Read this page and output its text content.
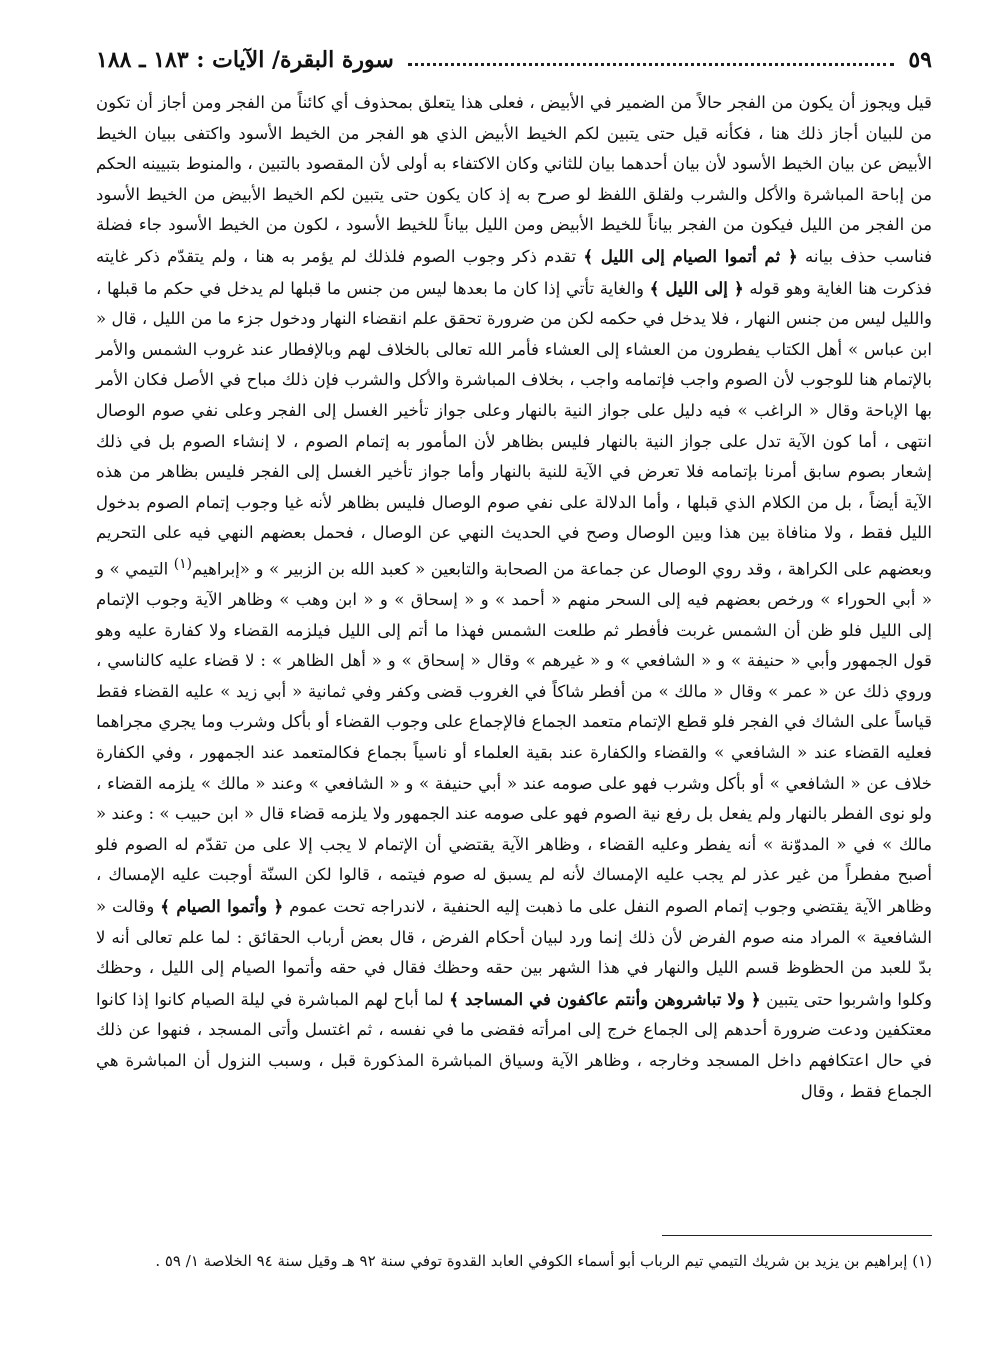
سورة البقرة/ الآيات : ١٨٣ ـ ١٨٨	٥٩

قيل ويجوز أن يكون من الفجر حالاً من الضمير في الأبيض ، فعلى هذا يتعلق بمحذوف أي كائناً من الفجر ومن أجاز أن تكون من للبيان أجاز ذلك هنا ، فكأنه قيل حتى يتبين لكم الخيط الأبيض الذي هو الفجر من الخيط الأسود واكتفى ببيان الخيط الأبيض عن بيان الخيط الأسود لأن بيان أحدهما بيان للثاني وكان الاكتفاء به أولى لأن المقصود بالتبين ، والمنوط بتبيينه الحكم من إباحة المباشرة والأكل والشرب ولقلق اللفظ لو صرح به إذ كان يكون حتى يتبين لكم الخيط الأبيض من الخيط الأسود من الفجر من الليل فيكون من الفجر بياناً للخيط الأبيض ومن الليل بياناً للخيط الأسود ، لكون من الخيط الأسود جاء فضلة فناسب حذف بيانه ﴿ ثم أتموا الصيام إلى الليل ﴾ تقدم ذكر وجوب الصوم فلذلك لم يؤمر به هنا ، ولم يتقدّم ذكر غايته فذكرت هنا الغاية وهو قوله ﴿ إلى الليل ﴾ والغاية تأتي إذا كان ما بعدها ليس من جنس ما قبلها لم يدخل في حكم ما قبلها ، والليل ليس من جنس النهار ، فلا يدخل في حكمه لكن من ضرورة تحقق علم انقضاء النهار ودخول جزء ما من الليل ، قال « ابن عباس » أهل الكتاب يفطرون من العشاء إلى العشاء فأمر الله تعالى بالخلاف لهم وبالإفطار عند غروب الشمس والأمر بالإتمام هنا للوجوب لأن الصوم واجب فإتمامه واجب ، بخلاف المباشرة والأكل والشرب فإن ذلك مباح في الأصل فكان الأمر بها الإباحة وقال « الراغب » فيه دليل على جواز النية بالنهار وعلى جواز تأخير الغسل إلى الفجر وعلى نفي صوم الوصال انتهى ، أما كون الآية تدل على جواز النية بالنهار فليس بظاهر لأن المأمور به إتمام الصوم ، لا إنشاء الصوم بل في ذلك إشعار بصوم سابق أمرنا بإتمامه فلا تعرض في الآية للنية بالنهار وأما جواز تأخير الغسل إلى الفجر فليس بظاهر من هذه الآية أيضاً ، بل من الكلام الذي قبلها ، وأما الدلالة على نفي صوم الوصال فليس بظاهر لأنه غيا وجوب إتمام الصوم بدخول الليل فقط ، ولا منافاة بين هذا وبين الوصال وصح في الحديث النهي عن الوصال ، فحمل بعضهم النهي فيه على التحريم وبعضهم على الكراهة ، وقد روي الوصال عن جماعة من الصحابة والتابعين « كعبد الله بن الزبير » و «إبراهيم$^{(١)}$ التيمي » و « أبي الحوراء » ورخص بعضهم فيه إلى السحر منهم « أحمد » و « إسحاق » و « ابن وهب » وظاهر الآية وجوب الإتمام إلى الليل فلو ظن أن الشمس غربت فأفطر ثم طلعت الشمس فهذا ما أتم إلى الليل فيلزمه القضاء ولا كفارة عليه وهو قول الجمهور وأبي « حنيفة » و « الشافعي » و « غيرهم » وقال « إسحاق » و « أهل الظاهر » : لا قضاء عليه كالناسي ، وروي ذلك عن « عمر » وقال « مالك » من أفطر شاكاً في الغروب قضى وكفر وفي ثمانية « أبي زيد » عليه القضاء فقط قياساً على الشاك في الفجر فلو قطع الإتمام متعمد الجماع فالإجماع على وجوب القضاء أو بأكل وشرب وما يجري مجراهما فعليه القضاء عند « الشافعي » والقضاء والكفارة عند بقية العلماء أو ناسياً بجماع فكالمتعمد عند الجمهور ، وفي الكفارة خلاف عن « الشافعي » أو بأكل وشرب فهو على صومه عند « أبي حنيفة » و « الشافعي » وعند « مالك » يلزمه القضاء ، ولو نوى الفطر بالنهار ولم يفعل بل رفع نية الصوم فهو على صومه عند الجمهور ولا يلزمه قضاء قال « ابن حبيب » : وعند « مالك » في « المدوّنة » أنه يفطر وعليه القضاء ، وظاهر الآية يقتضي أن الإتمام لا يجب إلا على من تقدّم له الصوم فلو أصبح مفطراً من غير عذر لم يجب عليه الإمساك لأنه لم يسبق له صوم فيتمه ، قالوا لكن السنّة أوجبت عليه الإمساك ، وظاهر الآية يقتضي وجوب إتمام الصوم النفل على ما ذهبت إليه الحنفية ، لاندراجه تحت عموم ﴿ وأتموا الصيام ﴾ وقالت « الشافعية » المراد منه صوم الفرض لأن ذلك إنما ورد لبيان أحكام الفرض ، قال بعض أرباب الحقائق : لما علم تعالى أنه لا بدّ للعبد من الحظوظ قسم الليل والنهار في هذا الشهر بين حقه وحظك فقال في حقه وأتموا الصيام إلى الليل ، وحظك وكلوا واشربوا حتى يتبين ﴿ ولا تباشروهن وأنتم عاكفون في المساجد ﴾ لما أباح لهم المباشرة في ليلة الصيام كانوا إذا كانوا معتكفين ودعت ضرورة أحدهم إلى الجماع خرج إلى امرأته فقضى ما في نفسه ، ثم اغتسل وأتى المسجد ، فنهوا عن ذلك في حال اعتكافهم داخل المسجد وخارجه ، وظاهر الآية وسياق المباشرة المذكورة قبل ، وسبب النزول أن المباشرة هي الجماع فقط ، وقال

(١) إبراهيم بن يزيد بن شريك التيمي تيم الرباب أبو أسماء الكوفي العابد القدوة توفي سنة ٩٢ هـ وقيل سنة ٩٤ الخلاصة ١/ ٥٩ .
